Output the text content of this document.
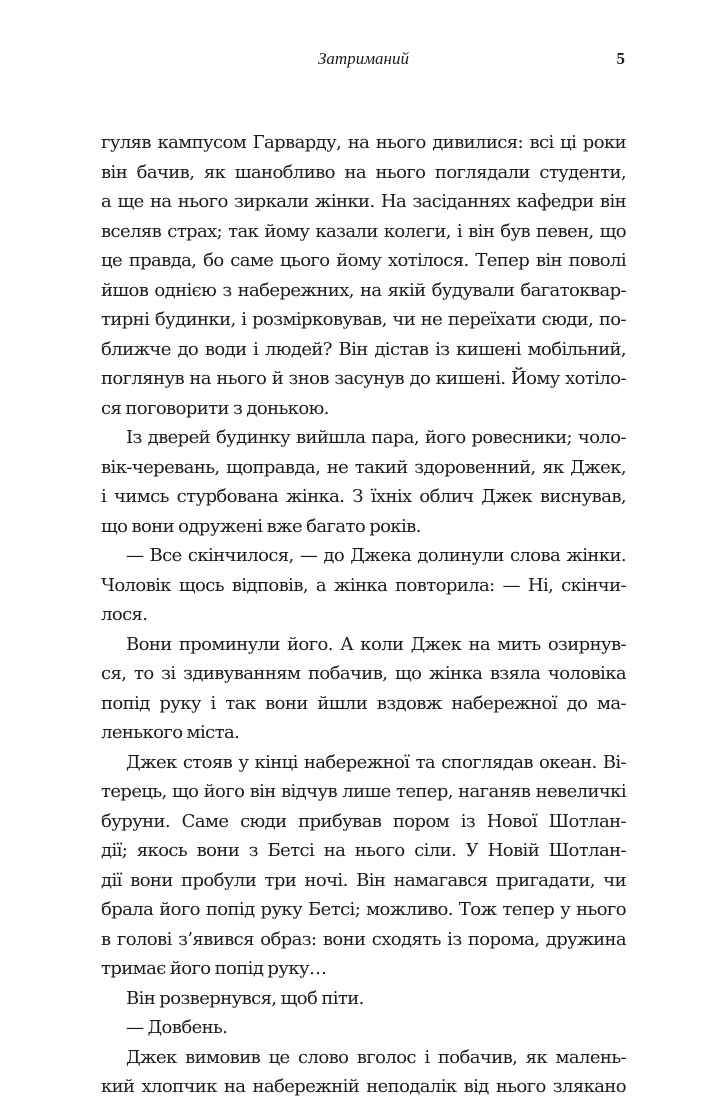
Затриманий	5
гуляв кампусом Гарварду, на нього дивилися: всі ці роки
він бачив, як шанобливо на нього поглядали студенти,
а ще на нього зиркали жінки. На засіданнях кафедри він
вселяв страх; так йому казали колеги, і він був певен, що
це правда, бо саме цього йому хотілося. Тепер він поволі
йшов однією з набережних, на якій будували багатоквар-
тирні будинки, і розмірковував, чи не переїхати сюди, по-
ближче до води і людей? Він дістав із кишені мобільний,
поглянув на нього й знов засунув до кишені. Йому хотіло-
ся поговорити з донькою.
Із дверей будинку вийшла пара, його ровесники; чоло-
вік-черевань, щоправда, не такий здоровенний, як Джек,
і чимсь стурбована жінка. З їхніх облич Джек виснував,
що вони одружені вже багато років.
— Все скінчилося, — до Джека долинули слова жінки.
Чоловік щось відповів, а жінка повторила: — Ні, скінчи-
лося.
Вони проминули його. А коли Джек на мить озирнув-
ся, то зі здивуванням побачив, що жінка взяла чоловіка
попід руку і так вони йшли вздовж набережної до ма-
ленького міста.
Джек стояв у кінці набережної та споглядав океан. Ві-
терець, що його він відчув лише тепер, наганяв невеличкі
буруни. Саме сюди прибував пором із Нової Шотлан-
дії; якось вони з Бетсі на нього сіли. У Новій Шотлан-
дії вони пробули три ночі. Він намагався пригадати, чи
брала його попід руку Бетсі; можливо. Тож тепер у нього
в голові з’явився образ: вони сходять із порома, дружина
тримає його попід руку…
Він розвернувся, щоб піти.
— Довбень.
Джек вимовив це слово вголос і побачив, як малень-
кий хлопчик на набережній неподалік від нього злякано
